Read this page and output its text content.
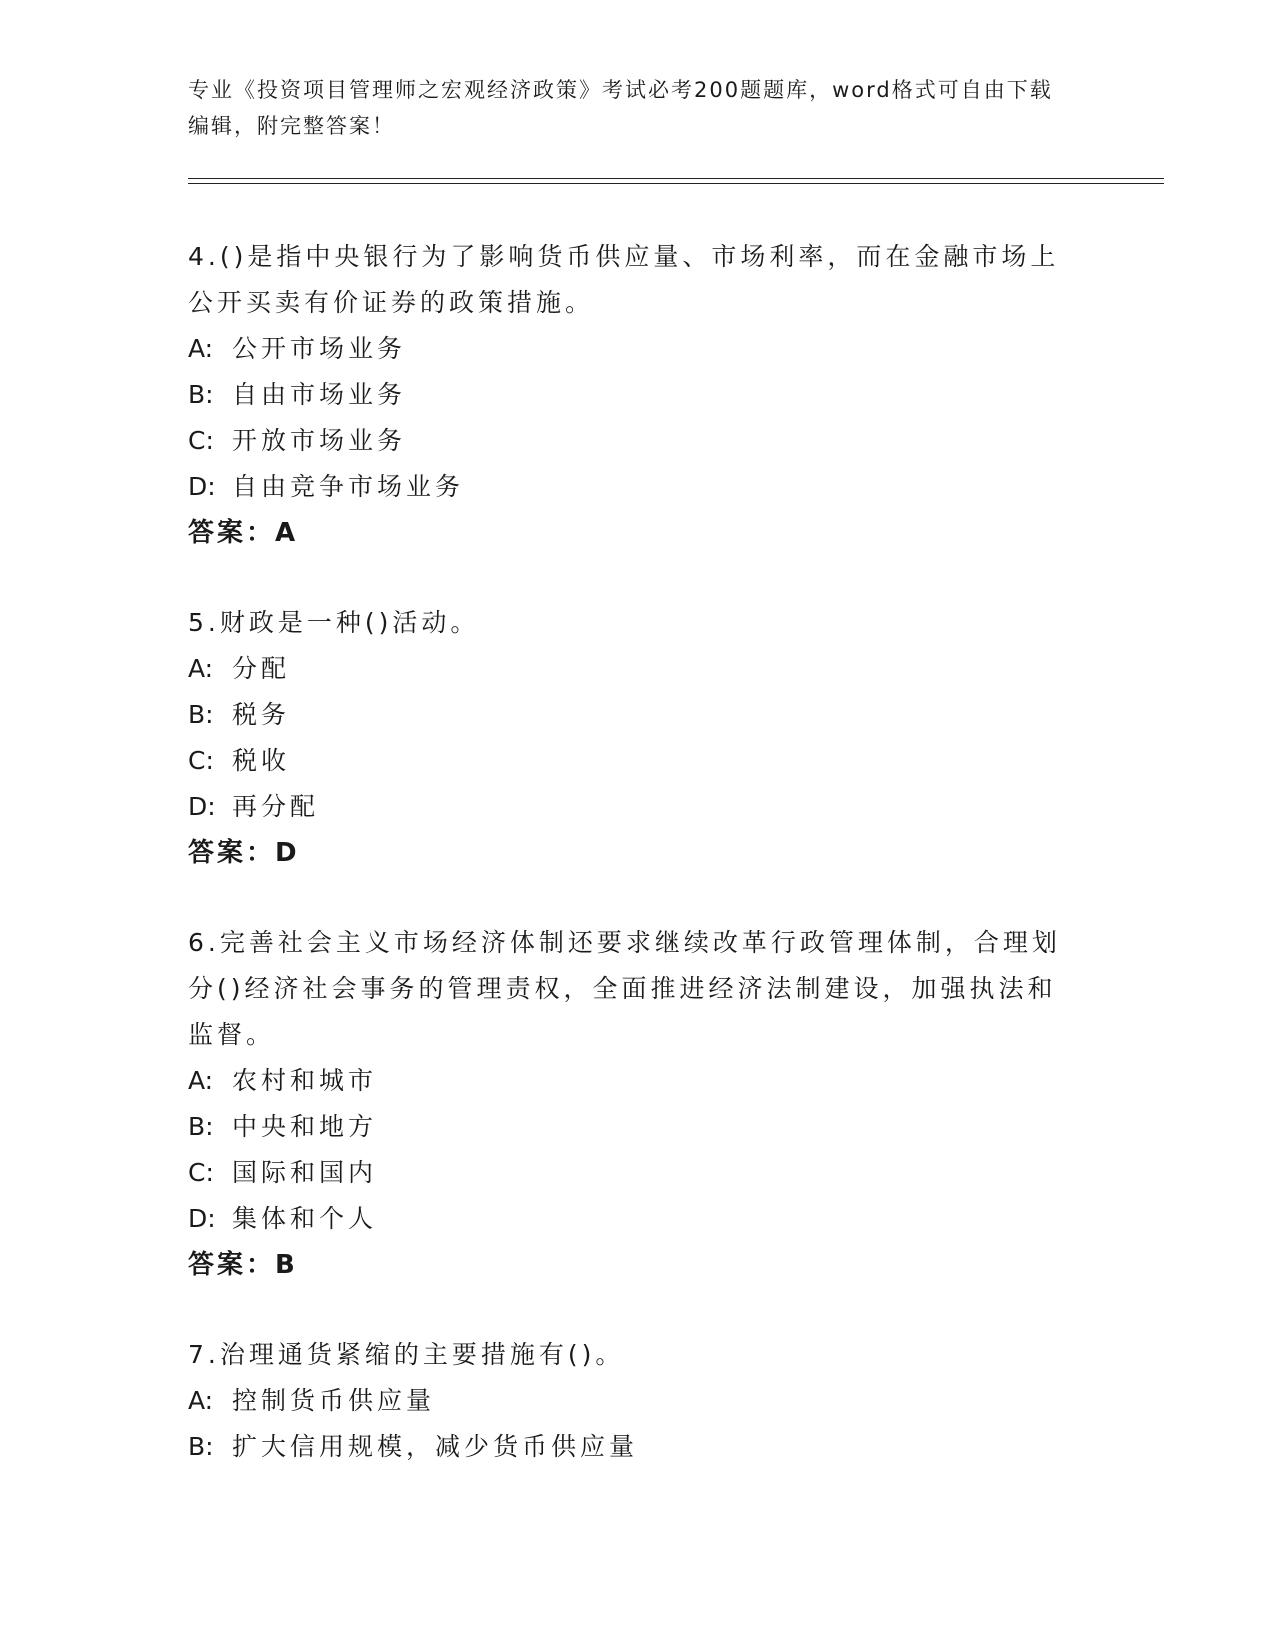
专业《投资项目管理师之宏观经济政策》考试必考200题题库，word格式可自由下载编辑，附完整答案！
4.()是指中央银行为了影响货币供应量、市场利率，而在金融市场上公开买卖有价证券的政策措施。
A: 公开市场业务
B: 自由市场业务
C: 开放市场业务
D: 自由竞争市场业务
答案：A
5.财政是一种()活动。
A: 分配
B: 税务
C: 税收
D: 再分配
答案：D
6.完善社会主义市场经济体制还要求继续改革行政管理体制，合理划分()经济社会事务的管理责权，全面推进经济法制建设，加强执法和监督。
A: 农村和城市
B: 中央和地方
C: 国际和国内
D: 集体和个人
答案：B
7.治理通货紧缩的主要措施有()。
A: 控制货币供应量
B: 扩大信用规模，减少货币供应量
